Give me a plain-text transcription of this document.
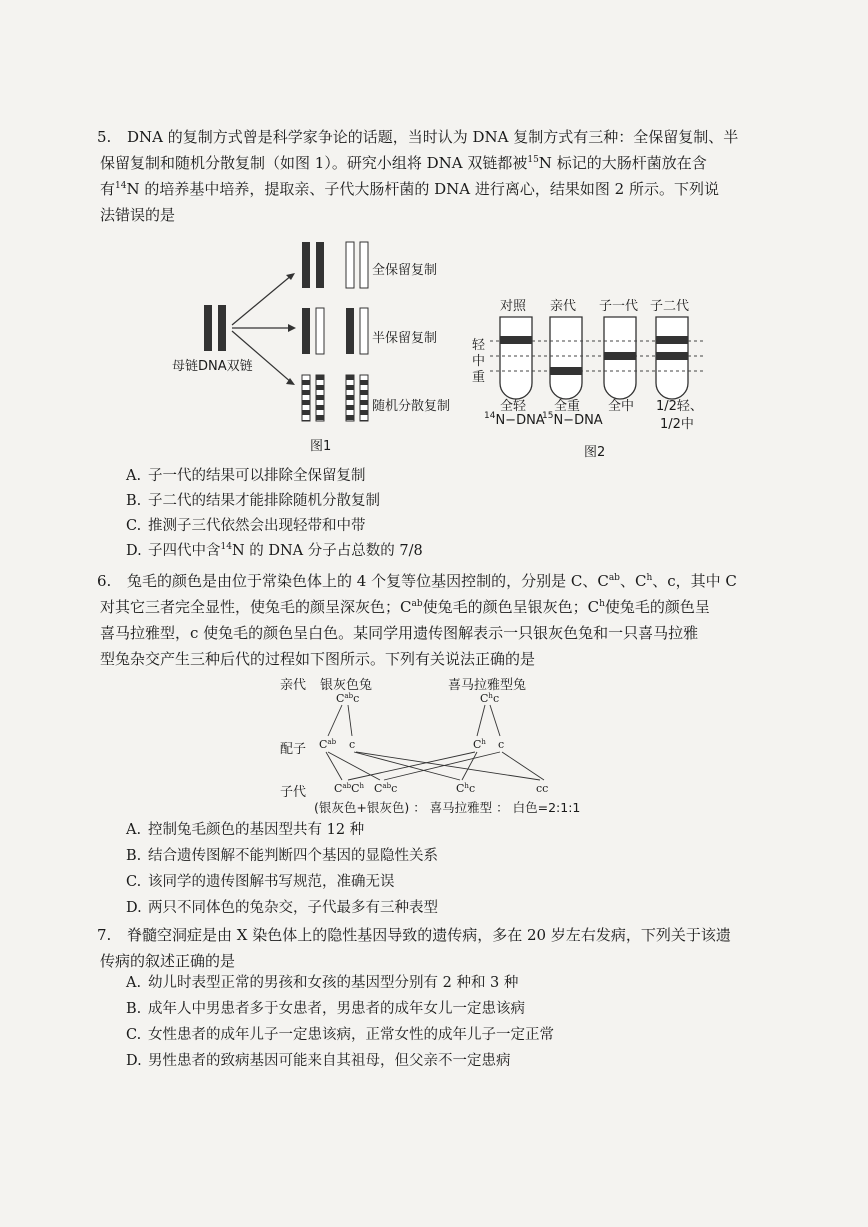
5.	DNA 的复制方式曾是科学家争论的话题，当时认为 DNA 复制方式有三种：全保留复制、半

保留复制和随机分散复制（如图 1）。研究小组将 DNA 双链都被$^{15}$N 标记的大肠杆菌放在含

有$^{14}$N 的培养基中培养，提取亲、子代大肠杆菌的 DNA 进行离心，结果如图 2 所示。下列说

法错误的是

母链DNA双链
全保留复制
半保留复制
随机分散复制
图1
对照 亲代 子一代 子二代
轻
中
重
全轻
$^{14}$N−DNA
全重
$^{15}$N−DNA
全中 1/2轻、
1/2中
图2
A. 子一代的结果可以排除全保留复制
B. 子二代的结果才能排除随机分散复制
C. 推测子三代依然会出现轻带和中带
D. 子四代中含$^{14}$N 的 DNA 分子占总数的 7/8
6.	兔毛的颜色是由位于常染色体上的 4 个复等位基因控制的，分别是 C、$C^{ab}$、$C^h$、c，其中 C

对其它三者完全显性，使兔毛的颜呈深灰色；$C^{ab}$使兔毛的颜色呈银灰色；$C^h$使兔毛的颜色呈

喜马拉雅型，c 使兔毛的颜色呈白色。某同学用遗传图解表示一只银灰色兔和一只喜马拉雅

型兔杂交产生三种后代的过程如下图所示。下列有关说法正确的是

亲代 银灰色兔	喜马拉雅型兔
配子
子代
$C^{ab}c$	$C^hc$
$C^{ab}$ c	$C^h$ c
$C^{ab}C^h$ $C^{ab}c$	$C^hc$	cc
(银灰色+银灰色) ： 喜马拉雅型 ： 白色=2:1:1
A. 控制兔毛颜色的基因型共有 12 种
B. 结合遗传图解不能判断四个基因的显隐性关系
C. 该同学的遗传图解书写规范，准确无误
D. 两只不同体色的兔杂交，子代最多有三种表型
7.	脊髓空洞症是由 X 染色体上的隐性基因导致的遗传病，多在 20 岁左右发病，下列关于该遗

传病的叙述正确的是

A. 幼儿时表型正常的男孩和女孩的基因型分别有 2 种和 3 种
B. 成年人中男患者多于女患者，男患者的成年女儿一定患该病
C. 女性患者的成年儿子一定患该病，正常女性的成年儿子一定正常
D. 男性患者的致病基因可能来自其祖母，但父亲不一定患病
